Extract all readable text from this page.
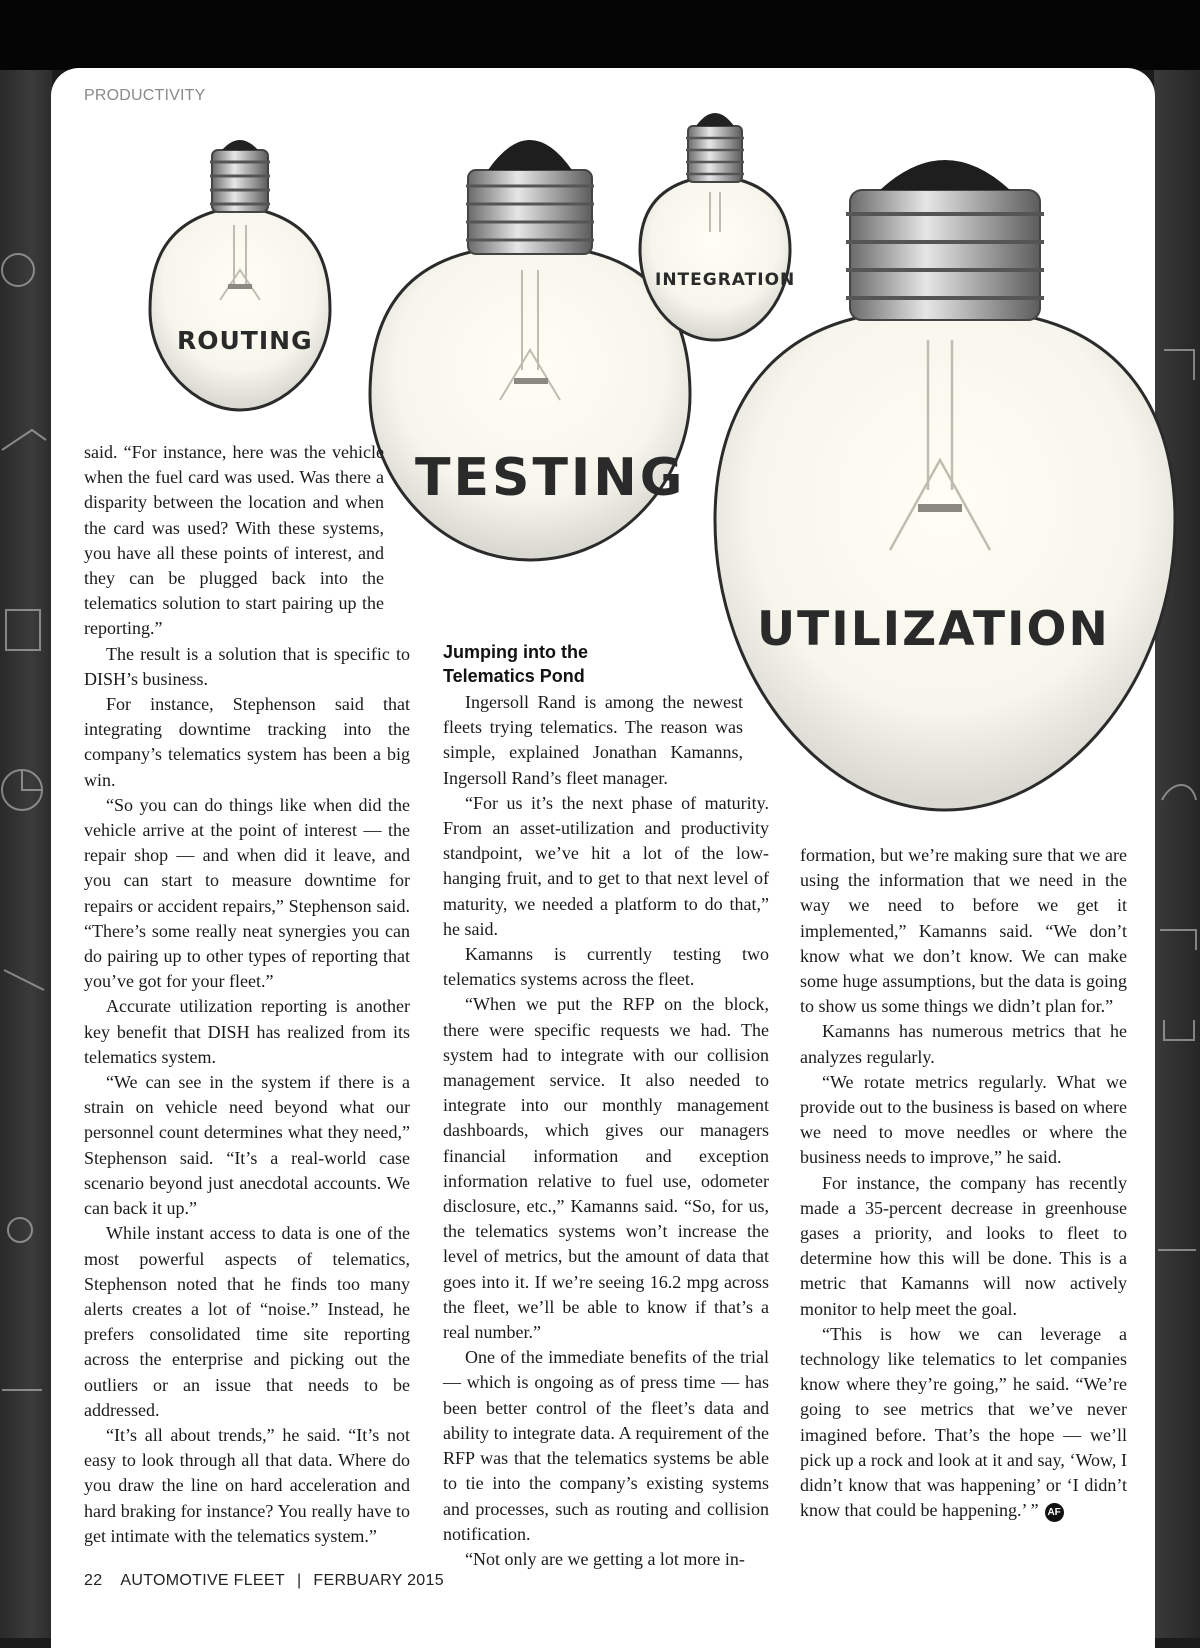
PRODUCTIVITY
ROUTING
TESTING
INTEGRATION
UTILIZATION

said. “For instance, here was the vehicle when the fuel card was used. Was there a disparity between the location and when the card was used? With these systems, you have all these points of interest, and they can be plugged back into the telematics solution to start pairing up the reporting.”

The result is a solution that is specific to DISH’s business.

For instance, Stephenson said that integrating downtime tracking into the company’s telematics system has been a big win.

“So you can do things like when did the vehicle arrive at the point of interest — the repair shop — and when did it leave, and you can start to measure downtime for repairs or accident repairs,” Stephenson said. “There’s some really neat synergies you can do pairing up to other types of reporting that you’ve got for your fleet.”

Accurate utilization reporting is another key benefit that DISH has realized from its telematics system.

“We can see in the system if there is a strain on vehicle need beyond what our personnel count determines what they need,” Stephenson said. “It’s a real-world case scenario beyond just anecdotal accounts. We can back it up.”

While instant access to data is one of the most powerful aspects of telematics, Stephenson noted that he finds too many alerts creates a lot of “noise.” Instead, he prefers consolidated time site reporting across the enterprise and picking out the outliers or an issue that needs to be addressed.

“It’s all about trends,” he said. “It’s not easy to look through all that data. Where do you draw the line on hard acceleration and hard braking for instance? You really have to get intimate with the telematics system.”

Jumping into the
Telematics Pond

Ingersoll Rand is among the newest fleets trying telematics. The reason was simple, explained Jonathan Kamanns, Ingersoll Rand’s fleet manager.

“For us it’s the next phase of maturity. From an asset-utilization and productivity standpoint, we’ve hit a lot of the low-hanging fruit, and to get to that next level of maturity, we needed a platform to do that,” he said.

Kamanns is currently testing two telematics systems across the fleet.

“When we put the RFP on the block, there were specific requests we had. The system had to integrate with our collision management service. It also needed to integrate into our monthly management dashboards, which gives our managers financial information and exception information relative to fuel use, odometer disclosure, etc.,” Kamanns said. “So, for us, the telematics systems won’t increase the level of metrics, but the amount of data that goes into it. If we’re seeing 16.2 mpg across the fleet, we’ll be able to know if that’s a real number.”

One of the immediate benefits of the trial — which is ongoing as of press time — has been better control of the fleet’s data and ability to integrate data. A requirement of the RFP was that the telematics systems be able to tie into the company’s existing systems and processes, such as routing and collision notification.

“Not only are we getting a lot more in-

formation, but we’re making sure that we are using the information that we need in the way we need to before we get it implemented,” Kamanns said. “We don’t know what we don’t know. We can make some huge assumptions, but the data is going to show us some things we didn’t plan for.”

Kamanns has numerous metrics that he analyzes regularly.

“We rotate metrics regularly. What we provide out to the business is based on where we need to move needles or where the business needs to improve,” he said.

For instance, the company has recently made a 35-percent decrease in greenhouse gases a priority, and looks to fleet to determine how this will be done. This is a metric that Kamanns will now actively monitor to help meet the goal.

“This is how we can leverage a technology like telematics to let companies know where they’re going,” he said. “We’re going to see metrics that we’ve never imagined before. That’s the hope — we’ll pick up a rock and look at it and say, ‘Wow, I didn’t know that was happening’ or ‘I didn’t know that could be happening.’ ” AF

22 AUTOMOTIVE FLEET | FERBUARY 2015
